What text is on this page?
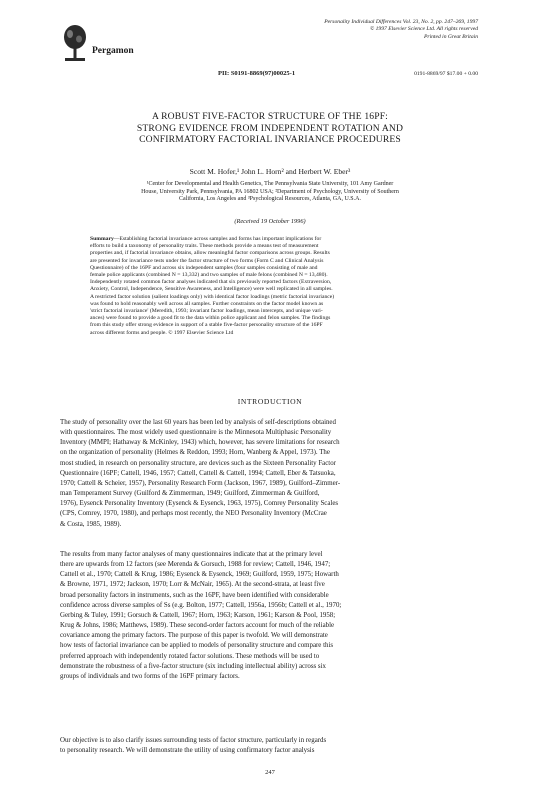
Pergamon
Personality Individual Differences Vol. 23, No. 2, pp. 247–269, 1997
© 1997 Elsevier Science Ltd. All rights reserved
Printed in Great Britain
PII: S0191-8869(97)00025-1	0191-8869/97 $17.00 + 0.00
A ROBUST FIVE-FACTOR STRUCTURE OF THE 16PF:
STRONG EVIDENCE FROM INDEPENDENT ROTATION AND
CONFIRMATORY FACTORIAL INVARIANCE PROCEDURES
Scott M. Hofer,¹ John L. Horn² and Herbert W. Eber³
¹Center for Developmental and Health Genetics, The Pennsylvania State University, 101 Amy Gardner
House, University Park, Pennsylvania, PA 16802 USA; ²Department of Psychology, University of Southern
California, Los Angeles and ³Psychological Resources, Atlanta, GA, U.S.A.
(Received 19 October 1996)
Summary—Establishing factorial invariance across samples and forms has important implications for
efforts to build a taxonomy of personality traits. These methods provide a means test of measurement
properties and, if factorial invariance obtains, allow meaningful factor comparisons across groups. Results
are presented for invariance tests under the factor structure of two forms (Form C and Clinical Analysis
Questionnaire) of the 16PF and across six independent samples (four samples consisting of male and
female police applicants (combined N = 13,332) and two samples of male felons (combined N = 13,480).
Independently rotated common factor analyses indicated that six previously reported factors (Extraversion,
Anxiety, Control, Independence, Sensitive Awareness, and Intelligence) were well replicated in all samples.
A restricted factor solution (salient loadings only) with identical factor loadings (metric factorial invariance)
was found to hold reasonably well across all samples. Further constraints on the factor model known as
'strict factorial invariance' (Meredith, 1993; invariant factor loadings, mean intercepts, and unique vari-
ances) were found to provide a good fit to the data within police applicant and felon samples. The findings
from this study offer strong evidence in support of a stable five-factor personality structure of the 16PF
across different forms and people. © 1997 Elsevier Science Ltd
INTRODUCTION
The study of personality over the last 60 years has been led by analysis of self-descriptions obtained
with questionnaires. The most widely used questionnaire is the Minnesota Multiphasic Personality
Inventory (MMPI; Hathaway & McKinley, 1943) which, however, has severe limitations for research
on the organization of personality (Helmes & Reddon, 1993; Horn, Wanberg & Appel, 1973). The
most studied, in research on personality structure, are devices such as the Sixteen Personality Factor
Questionnaire (16PF; Cattell, 1946, 1957; Cattell, Cattell & Cattell, 1994; Cattell, Eber & Tatsuoka,
1970; Cattell & Scheier, 1957), Personality Research Form (Jackson, 1967, 1989), Guilford–Zimmer-
man Temperament Survey (Guilford & Zimmerman, 1949; Guilford, Zimmerman & Guilford,
1976), Eysenck Personality Inventory (Eysenck & Eysenck, 1963, 1975), Comrey Personality Scales
(CPS, Comrey, 1970, 1980), and perhaps most recently, the NEO Personality Inventory (McCrae
& Costa, 1985, 1989).
The results from many factor analyses of many questionnaires indicate that at the primary level
there are upwards from 12 factors (see Merenda & Gorsuch, 1988 for review; Cattell, 1946, 1947;
Cattell et al., 1970; Cattell & Krug, 1986; Eysenck & Eysenck, 1969; Guilford, 1959, 1975; Howarth
& Browne, 1971, 1972; Jackson, 1970; Lorr & McNair, 1965). At the second-strata, at least five
broad personality factors in instruments, such as the 16PF, have been identified with considerable
confidence across diverse samples of Ss (e.g. Bolton, 1977; Cattell, 1956a, 1956b; Cattell et al., 1970;
Gerbing & Tuley, 1991; Gorsuch & Cattell, 1967; Horn, 1963; Karson, 1961; Karson & Pool, 1958;
Krug & Johns, 1986; Matthews, 1989). These second-order factors account for much of the reliable
covariance among the primary factors. The purpose of this paper is twofold. We will demonstrate
how tests of factorial invariance can be applied to models of personality structure and compare this
preferred approach with independently rotated factor solutions. These methods will be used to
demonstrate the robustness of a five-factor structure (six including intellectual ability) across six
groups of individuals and two forms of the 16PF primary factors.
Our objective is to also clarify issues surrounding tests of factor structure, particularly in regards
to personality research. We will demonstrate the utility of using confirmatory factor analysis
247
